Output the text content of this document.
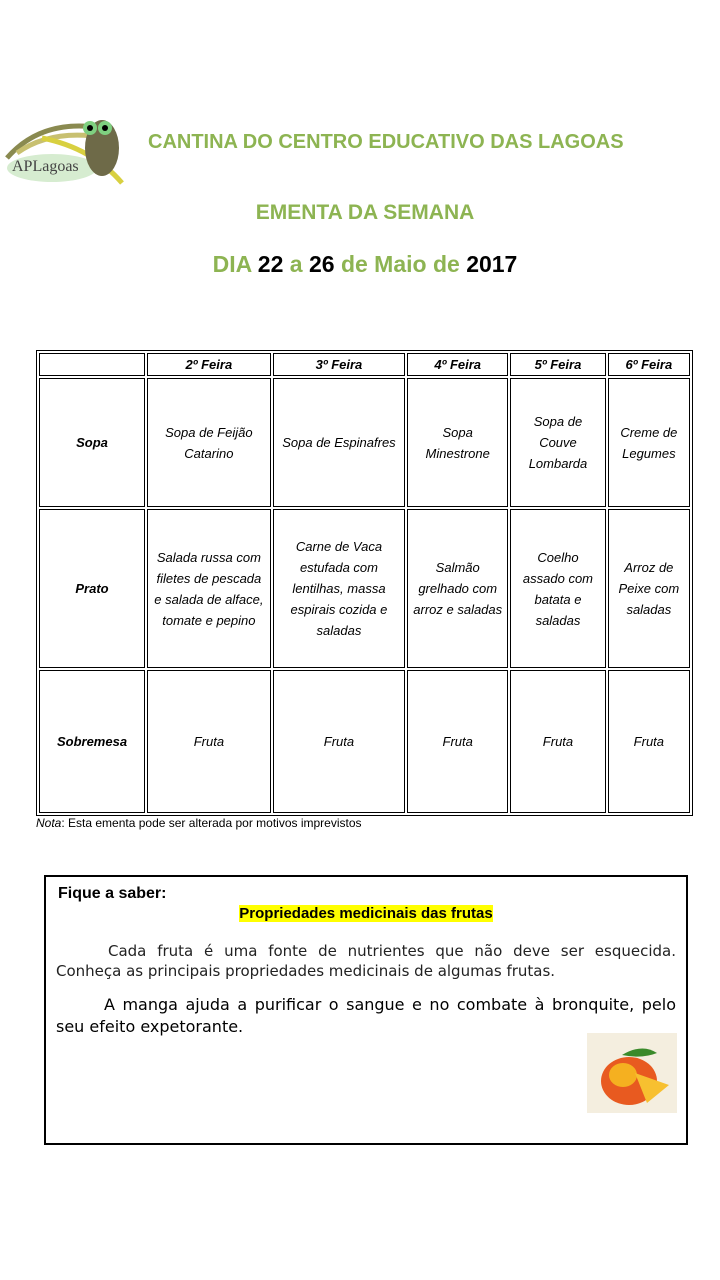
APLagoas
CANTINA DO CENTRO EDUCATIVO DAS LAGOAS
EMENTA DA SEMANA
DIA 22 a 26 de Maio de 2017
	2º Feira	3º Feira	4º Feira	5º Feira	6º Feira
Sopa	Sopa de Feijão Catarino	Sopa de Espinafres	Sopa Minestrone	Sopa de Couve Lombarda	Creme de Legumes
Prato	Salada russa com filetes de pescada e salada de alface, tomate e pepino	Carne de Vaca estufada com lentilhas, massa espirais cozida e saladas	Salmão grelhado com arroz e saladas	Coelho assado com batata e saladas	Arroz de Peixe com saladas
Sobremesa	Fruta	Fruta	Fruta	Fruta	Fruta
Nota: Esta ementa pode ser alterada por motivos imprevistos
Fique a saber:
Propriedades medicinais das frutas
Cada fruta é uma fonte de nutrientes que não deve ser esquecida. Conheça as principais propriedades medicinais de algumas frutas.
A manga ajuda a purificar o sangue e no combate à bronquite, pelo seu efeito expetorante.
